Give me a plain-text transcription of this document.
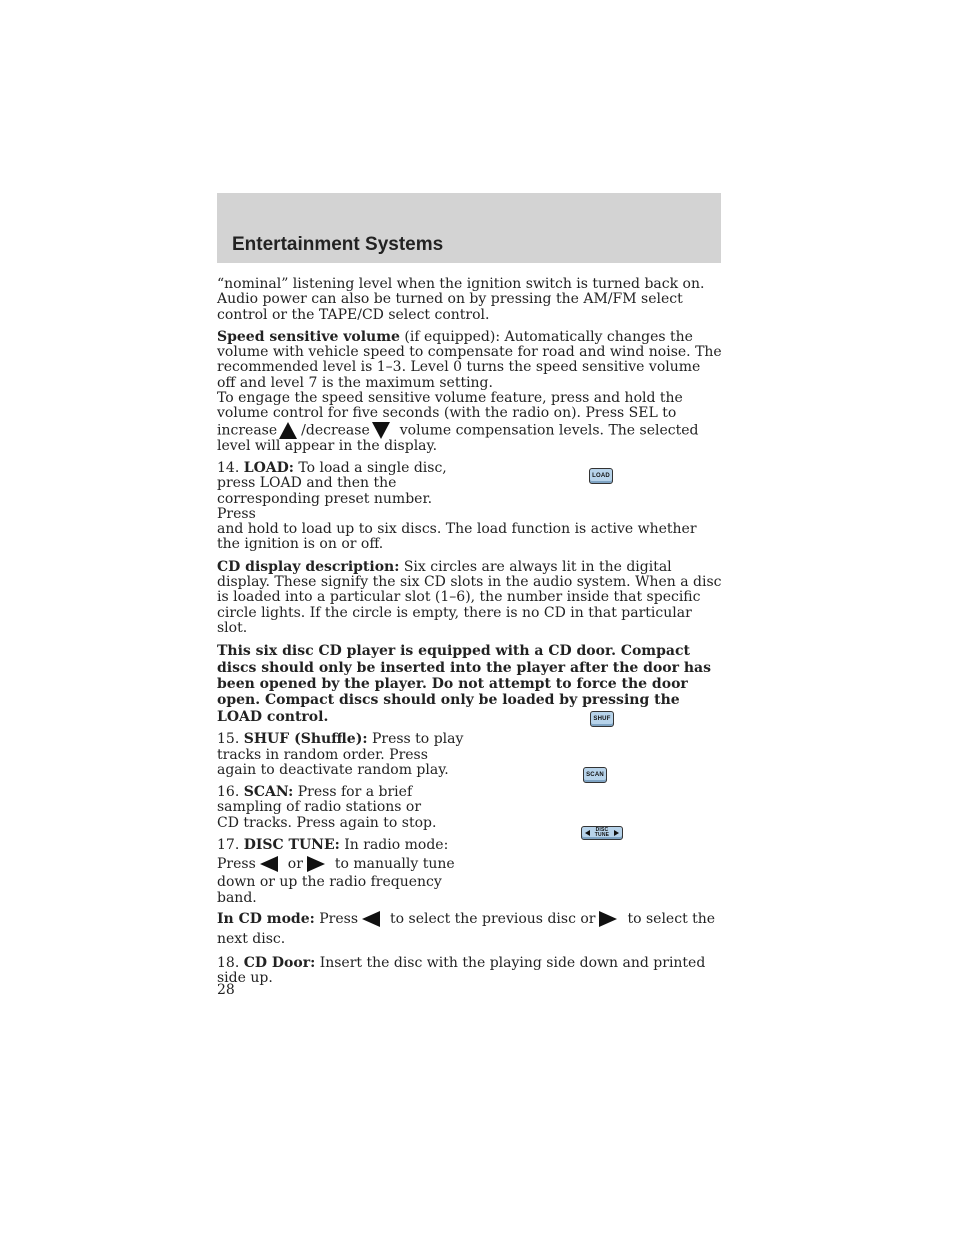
Entertainment Systems

“nominal” listening level when the ignition switch is turned back on. Audio power can also be turned on by pressing the AM/FM select control or the TAPE/CD select control.

Speed sensitive volume (if equipped): Automatically changes the volume with vehicle speed to compensate for road and wind noise. The recommended level is 1–3. Level 0 turns the speed sensitive volume off and level 7 is the maximum setting.

To engage the speed sensitive volume feature, press and hold the volume control for five seconds (with the radio on). Press SEL to
increase /decrease volume compensation levels. The selected level will appear in the display.

14. LOAD: To load a single disc, press LOAD and then the corresponding preset number. Press
and hold to load up to six discs. The load function is active whether the ignition is on or off.

CD display description: Six circles are always lit in the digital display. These signify the six CD slots in the audio system. When a disc is loaded into a particular slot (1–6), the number inside that specific circle lights. If the circle is empty, there is no CD in that particular slot.

This six disc CD player is equipped with a CD door. Compact discs should only be inserted into the player after the door has been opened by the player. Do not attempt to force the door open. Compact discs should only be loaded by pressing the LOAD control.

15. SHUF (Shuffle): Press to play tracks in random order. Press again to deactivate random play.

16. SCAN: Press for a brief sampling of radio stations or CD tracks. Press again to stop.

17. DISC TUNE: In radio mode:
Press or to manually tune down or up the radio frequency band.

In CD mode: Press to select the previous disc or to select the next disc.

18. CD Door: Insert the disc with the playing side down and printed side up.

LOAD
SHUF
SCAN
DISC
TUNE
28
